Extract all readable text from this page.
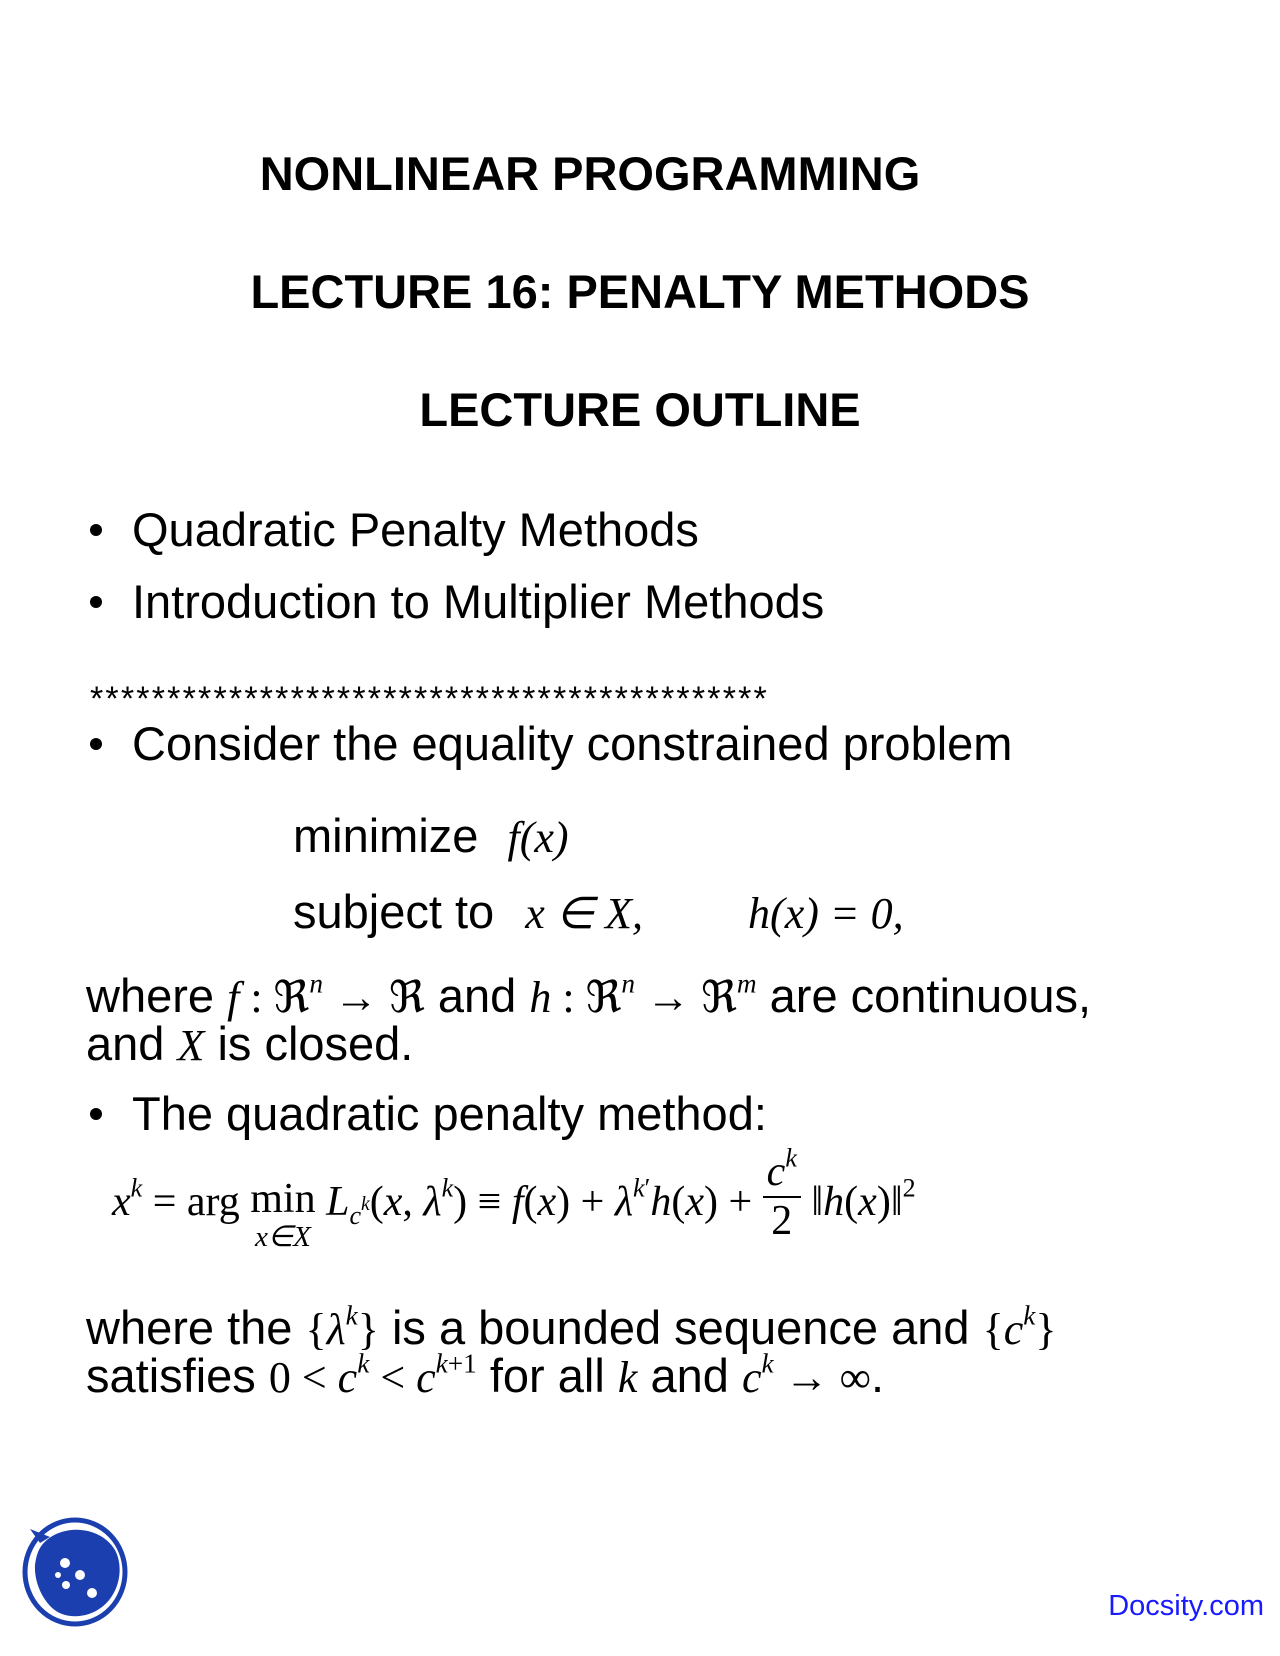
NONLINEAR PROGRAMMING
LECTURE 16: PENALTY METHODS
LECTURE OUTLINE
Quadratic Penalty Methods
Introduction to Multiplier Methods
********************************************
Consider the equality constrained problem
minimize f(x)
subject to x ∈ X, h(x) = 0,
where f : ℜ$^n$ → ℜ and h : ℜ$^n$ → ℜ$^m$ are continuous,
and X is closed.
The quadratic penalty method:
$x^k$ = arg min
x∈X
$L_{c^k}(x$, $\lambda^k) \equiv f(x) + \lambda^{k'}h(x) + \frac{c^k}{2}$ ‖h(x)‖$^2$
where the $\{\lambda^k\}$ is a bounded sequence and $\{c^k\}$
satisfies $0 < c^k < c^{k+1}$ for all k and $c^k$ → ∞.
Docsity.com
